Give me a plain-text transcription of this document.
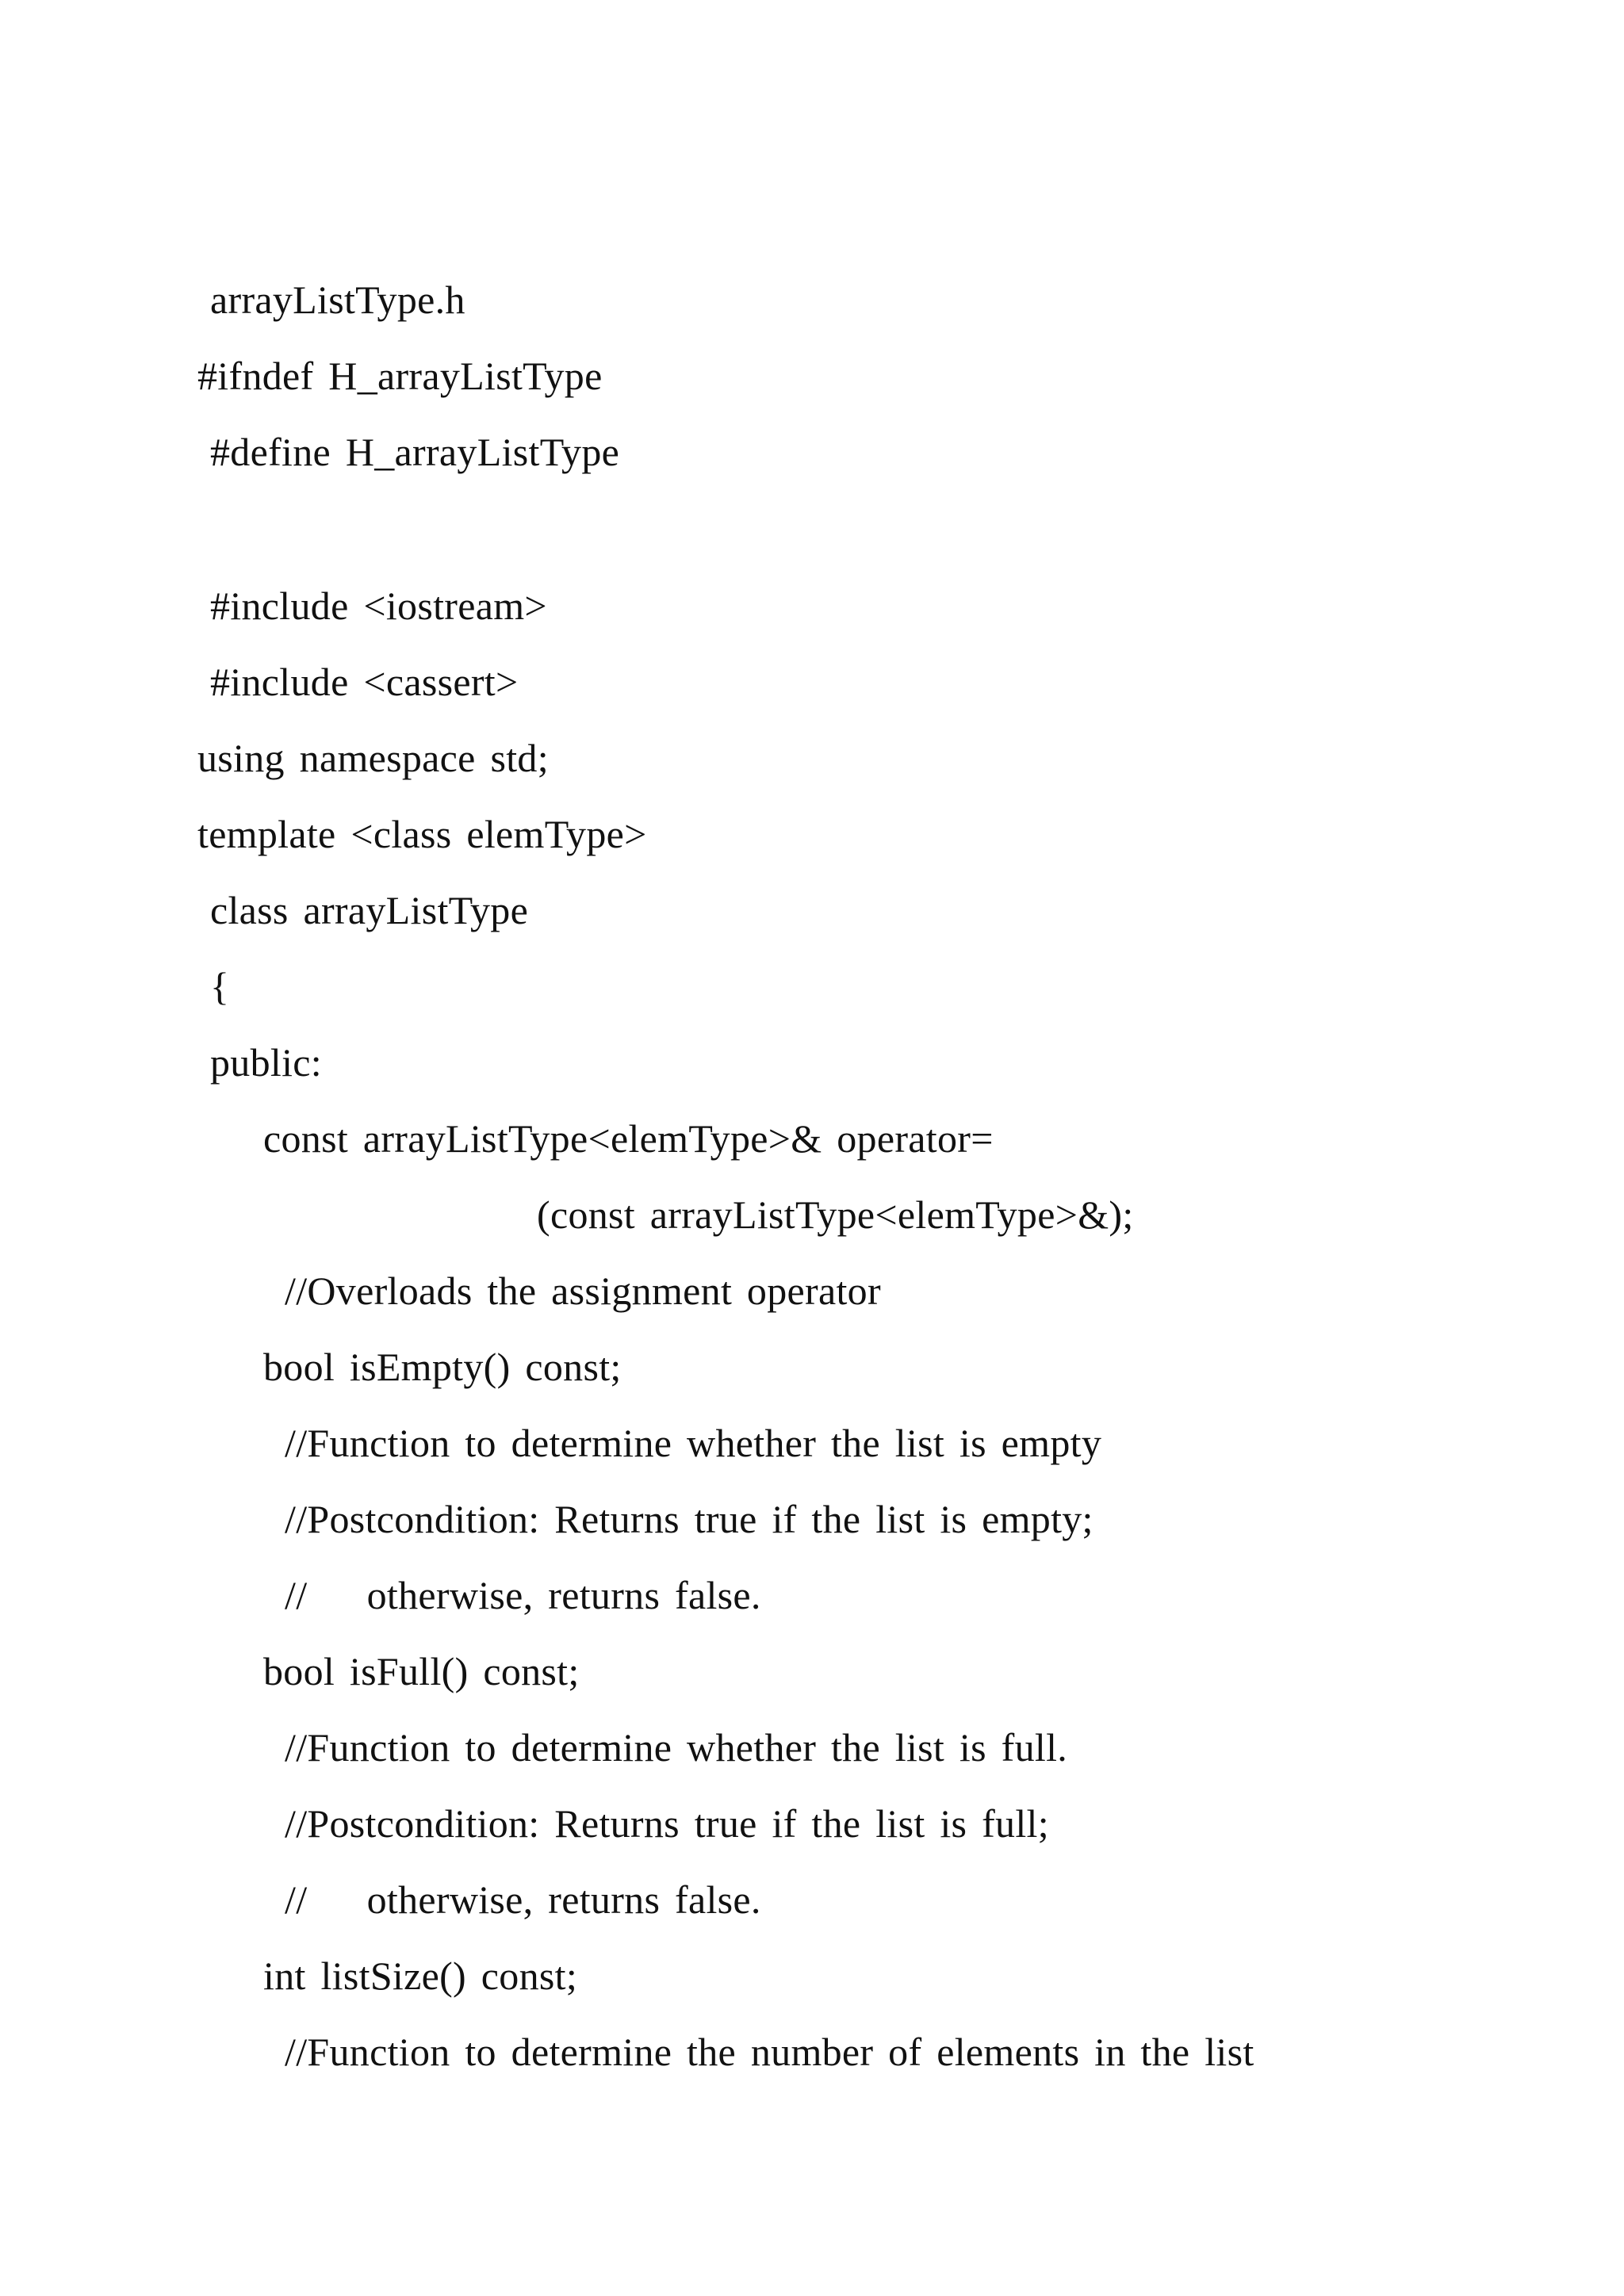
arrayListType.h
#ifndef H_arrayListType
#define H_arrayListType
#include <iostream>
#include <cassert>
using namespace std;
template <class elemType>
class arrayListType
{
public:
const arrayListType<elemType>& operator=
(const arrayListType<elemType>&);
//Overloads the assignment operator
bool isEmpty() const;
//Function to determine whether the list is empty
//Postcondition: Returns true if the list is empty;
//    otherwise, returns false.
bool isFull() const;
//Function to determine whether the list is full.
//Postcondition: Returns true if the list is full;
//    otherwise, returns false.
int listSize() const;
//Function to determine the number of elements in the list
